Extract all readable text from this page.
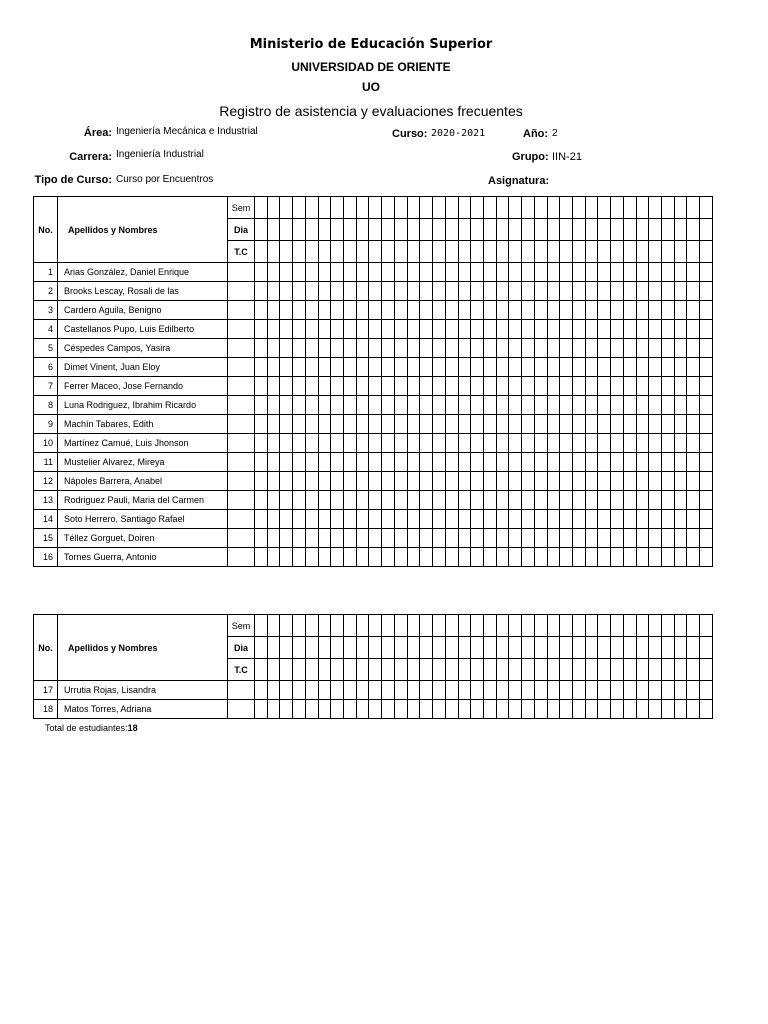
Ministerio de Educación Superior
UNIVERSIDAD DE ORIENTE
UO
Registro de asistencia y evaluaciones frecuentes
Área: Ingeniería Mecánica e Industrial	Curso: 2020-2021	Año: 2
Carrera: Ingeniería Industrial	Grupo: IIN-21
Tipo de Curso: Curso por Encuentros	Asignatura:
No.	Apellidos y Nombres	Sem																																				
		Dia																																				
		T.C																																				
1	Arias González, Daniel Enrique																																					
2	Brooks Lescay, Rosali de las																																					
3	Cardero Aguila, Benigno																																					
4	Castellanos Pupo, Luis Edilberto																																					
5	Céspedes Campos, Yasira																																					
6	Dimet Vinent, Juan Eloy																																					
7	Ferrer Maceo, Jose Fernando																																					
8	Luna Rodriguez, Ibrahim Ricardo																																					
9	Machín Tabares, Edith																																					
10	Martínez Camué, Luis Jhonson																																					
11	Mustelier Alvarez, Mireya																																					
12	Nápoles Barrera, Anabel																																					
13	Rodriguez Pauli, Maria del Carmen																																					
14	Soto Herrero, Santiago Rafael																																					
15	Téllez Gorguet, Doiren																																					
16	Tornes Guerra, Antonio																																					
No.	Apellidos y Nombres	Sem																																				
		Dia																																				
		T.C																																				
17	Urrutia Rojas, Lisandra																																					
18	Matos Torres, Adriana																																					
Total de estudiantes:18
